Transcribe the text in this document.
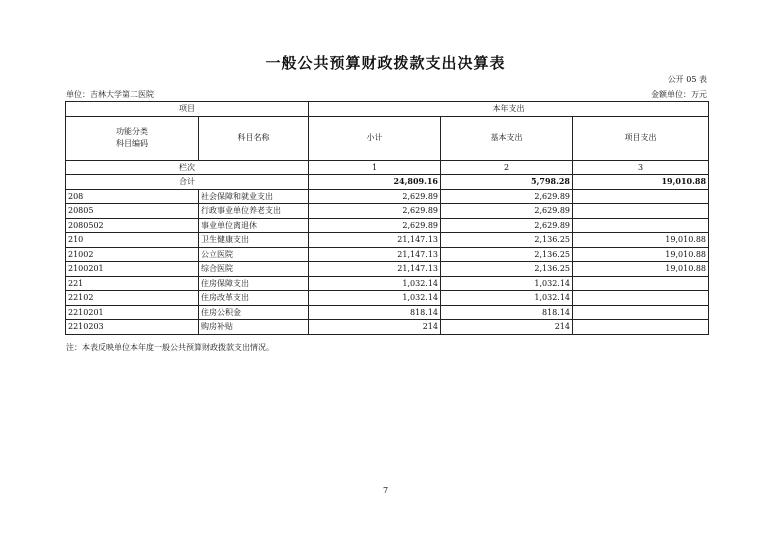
一般公共预算财政拨款支出决算表
公开 05 表
单位：吉林大学第二医院	金额单位：万元
项目		本年支出		

功能分类
科目编码	科目名称	小计	基本支出	项目支出
栏次		1	2	3
合计		24,809.16	5,798.28	19,010.88
208	社会保障和就业支出	2,629.89	2,629.89	
20805	行政事业单位养老支出	2,629.89	2,629.89	
2080502	事业单位离退休	2,629.89	2,629.89	
210	卫生健康支出	21,147.13	2,136.25	19,010.88
21002	公立医院	21,147.13	2,136.25	19,010.88
2100201	综合医院	21,147.13	2,136.25	19,010.88
221	住房保障支出	1,032.14	1,032.14	
22102	住房改革支出	1,032.14	1,032.14	
2210201	住房公积金	818.14	818.14	
2210203	购房补贴	214	214	
注：本表反映单位本年度一般公共预算财政拨款支出情况。
7
